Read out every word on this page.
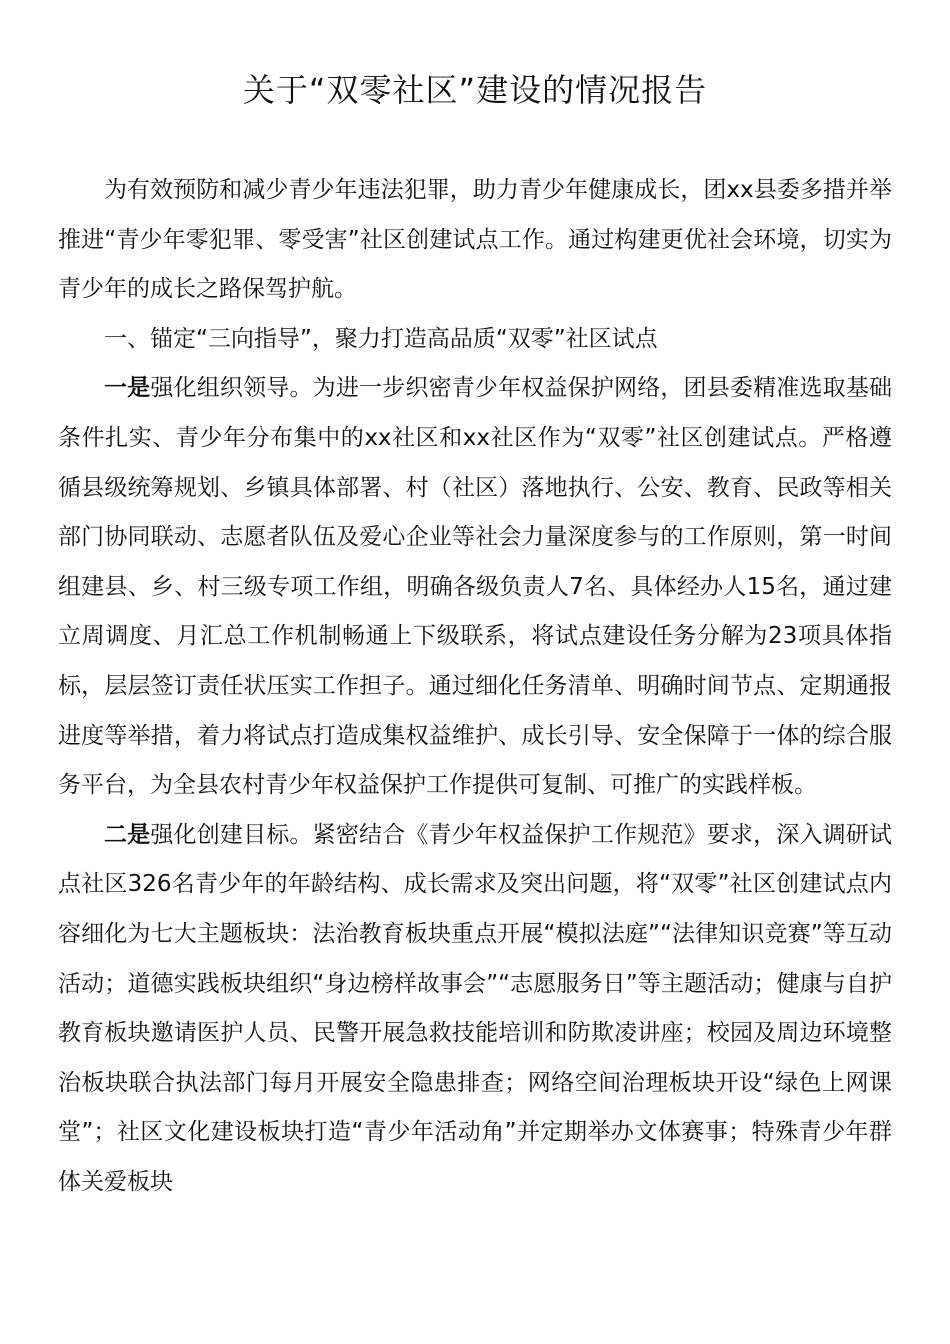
关于“双零社区”建设的情况报告

为有效预防和减少青少年违法犯罪，助力青少年健康成长，团xx县委多措并举推进“青少年零犯罪、零受害”社区创建试点工作。通过构建更优社会环境，切实为青少年的成长之路保驾护航。

一、锚定“三向指导”，聚力打造高品质“双零”社区试点

一是强化组织领导。为进一步织密青少年权益保护网络，团县委精准选取基础条件扎实、青少年分布集中的xx社区和xx社区作为“双零”社区创建试点。严格遵循县级统筹规划、乡镇具体部署、村（社区）落地执行、公安、教育、民政等相关部门协同联动、志愿者队伍及爱心企业等社会力量深度参与的工作原则，第一时间组建县、乡、村三级专项工作组，明确各级负责人7名、具体经办人15名，通过建立周调度、月汇总工作机制畅通上下级联系，将试点建设任务分解为23项具体指标，层层签订责任状压实工作担子。通过细化任务清单、明确时间节点、定期通报进度等举措，着力将试点打造成集权益维护、成长引导、安全保障于一体的综合服务平台，为全县农村青少年权益保护工作提供可复制、可推广的实践样板。

二是强化创建目标。紧密结合《青少年权益保护工作规范》要求，深入调研试点社区326名青少年的年龄结构、成长需求及突出问题，将“双零”社区创建试点内容细化为七大主题板块：法治教育板块重点开展“模拟法庭”“法律知识竞赛”等互动活动；道德实践板块组织“身边榜样故事会”“志愿服务日”等主题活动；健康与自护教育板块邀请医护人员、民警开展急救技能培训和防欺凌讲座；校园及周边环境整治板块联合执法部门每月开展安全隐患排查；网络空间治理板块开设“绿色上网课堂”；社区文化建设板块打造“青少年活动角”并定期举办文体赛事；特殊青少年群体关爱板块
